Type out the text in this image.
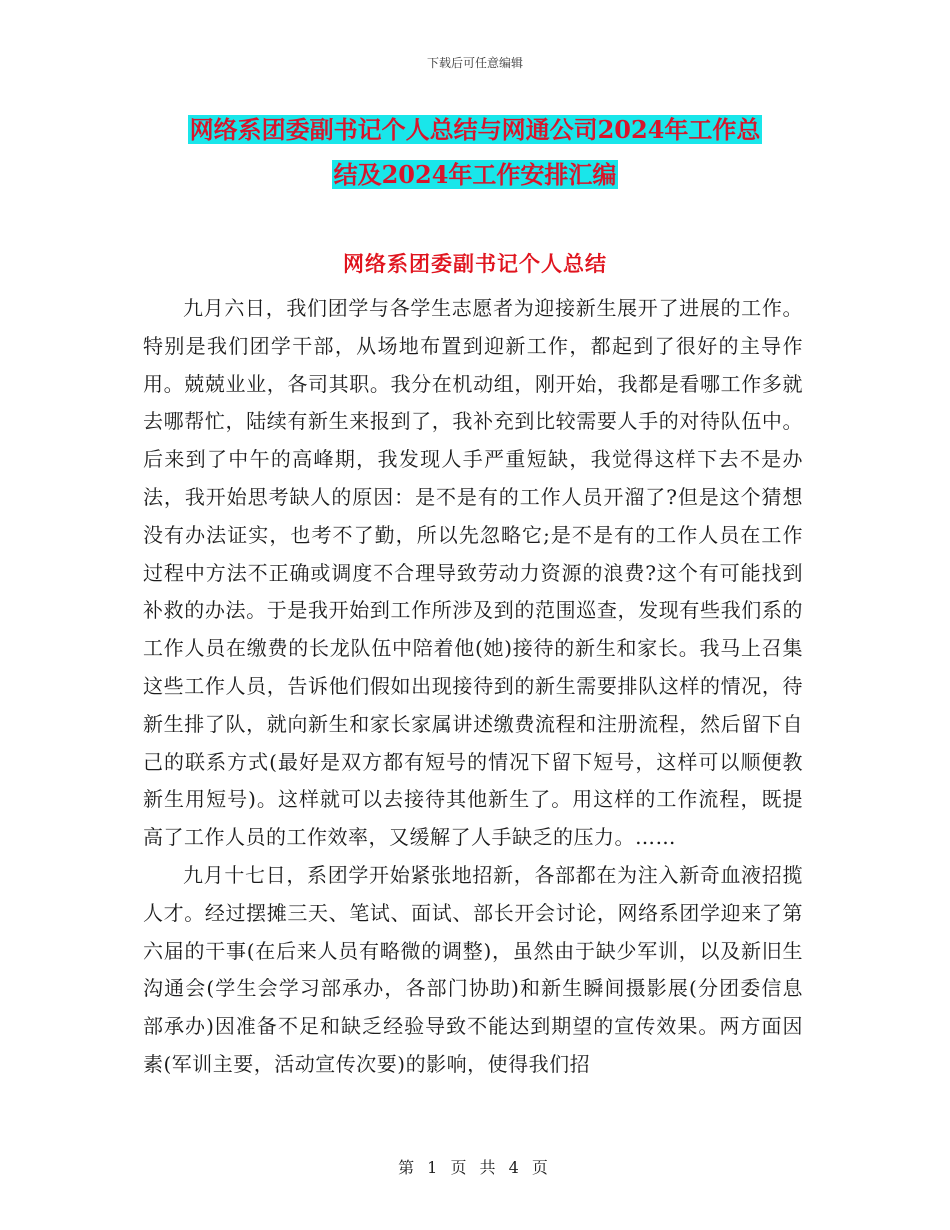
下载后可任意编辑
网络系团委副书记个人总结与网通公司2024年工作总
结及2024年工作安排汇编
网络系团委副书记个人总结

九月六日，我们团学与各学生志愿者为迎接新生展开了进展的工作。特别是我们团学干部，从场地布置到迎新工作，都起到了很好的主导作用。兢兢业业，各司其职。我分在机动组，刚开始，我都是看哪工作多就去哪帮忙，陆续有新生来报到了，我补充到比较需要人手的对待队伍中。后来到了中午的高峰期，我发现人手严重短缺，我觉得这样下去不是办法，我开始思考缺人的原因：是不是有的工作人员开溜了?但是这个猜想没有办法证实，也考不了勤，所以先忽略它;是不是有的工作人员在工作过程中方法不正确或调度不合理导致劳动力资源的浪费?这个有可能找到补救的办法。于是我开始到工作所涉及到的范围巡查，发现有些我们系的工作人员在缴费的长龙队伍中陪着他(她)接待的新生和家长。我马上召集这些工作人员，告诉他们假如出现接待到的新生需要排队这样的情况，待新生排了队，就向新生和家长家属讲述缴费流程和注册流程，然后留下自己的联系方式(最好是双方都有短号的情况下留下短号，这样可以顺便教新生用短号)。这样就可以去接待其他新生了。用这样的工作流程，既提高了工作人员的工作效率，又缓解了人手缺乏的压力。……

九月十七日，系团学开始紧张地招新，各部都在为注入新奇血液招揽人才。经过摆摊三天、笔试、面试、部长开会讨论，网络系团学迎来了第六届的干事(在后来人员有略微的调整)，虽然由于缺少军训，以及新旧生沟通会(学生会学习部承办，各部门协助)和新生瞬间摄影展(分团委信息部承办)因准备不足和缺乏经验导致不能达到期望的宣传效果。两方面因素(军训主要，活动宣传次要)的影响，使得我们招

第 1 页 共 4 页
